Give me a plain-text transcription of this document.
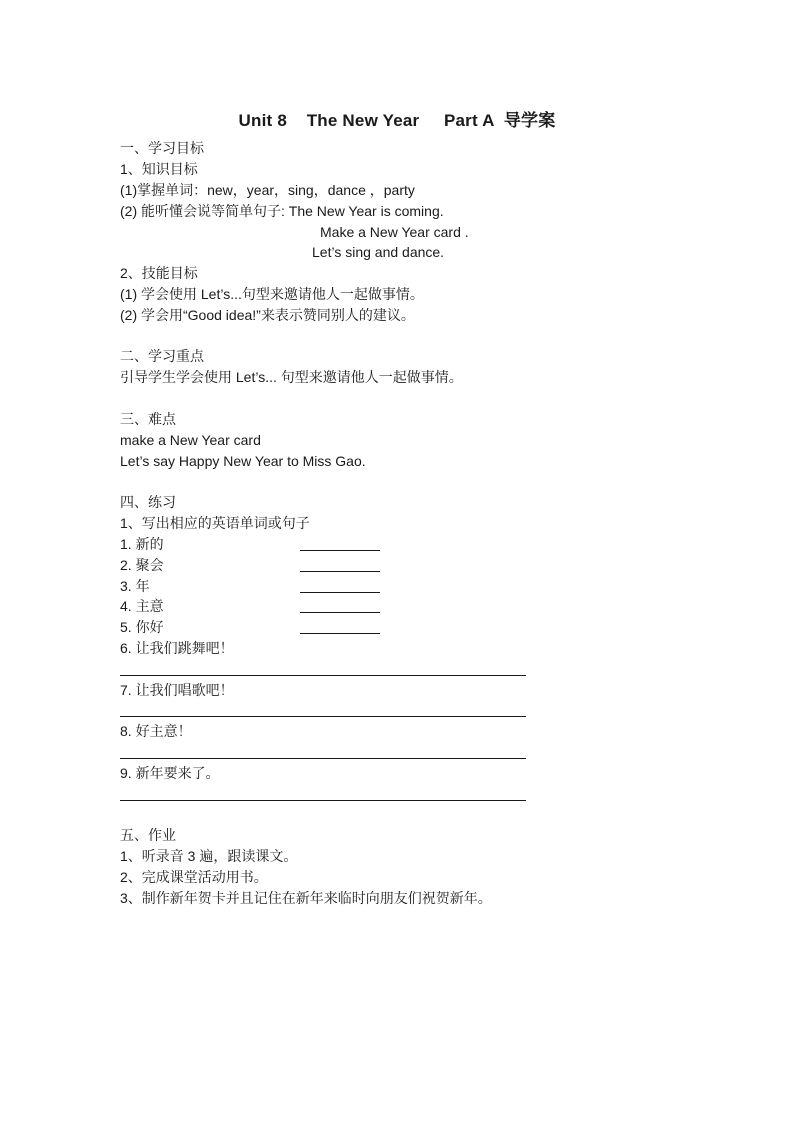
Unit 8 The New Year Part A 导学案
一、学习目标
1、知识目标
(1)掌握单词：new，year，sing，dance ，party
(2) 能听懂会说等简单句子: The New Year is coming.
Make a New Year card .
Let’s sing and dance.
2、技能目标
(1) 学会使用 Let’s...句型来邀请他人一起做事情。
(2) 学会用“Good idea!”来表示赞同别人的建议。
二、学习重点
引导学生学会使用 Let’s... 句型来邀请他人一起做事情。
三、难点
make a New Year card
Let’s say Happy New Year to Miss Gao.
四、练习
1、写出相应的英语单词或句子
1. 新的
2. 聚会
3. 年
4. 主意
5. 你好
6. 让我们跳舞吧！
7. 让我们唱歌吧！
8. 好主意！
9. 新年要来了。
五、作业
1、听录音 3 遍，跟读课文。
2、完成课堂活动用书。
3、制作新年贺卡并且记住在新年来临时向朋友们祝贺新年。
